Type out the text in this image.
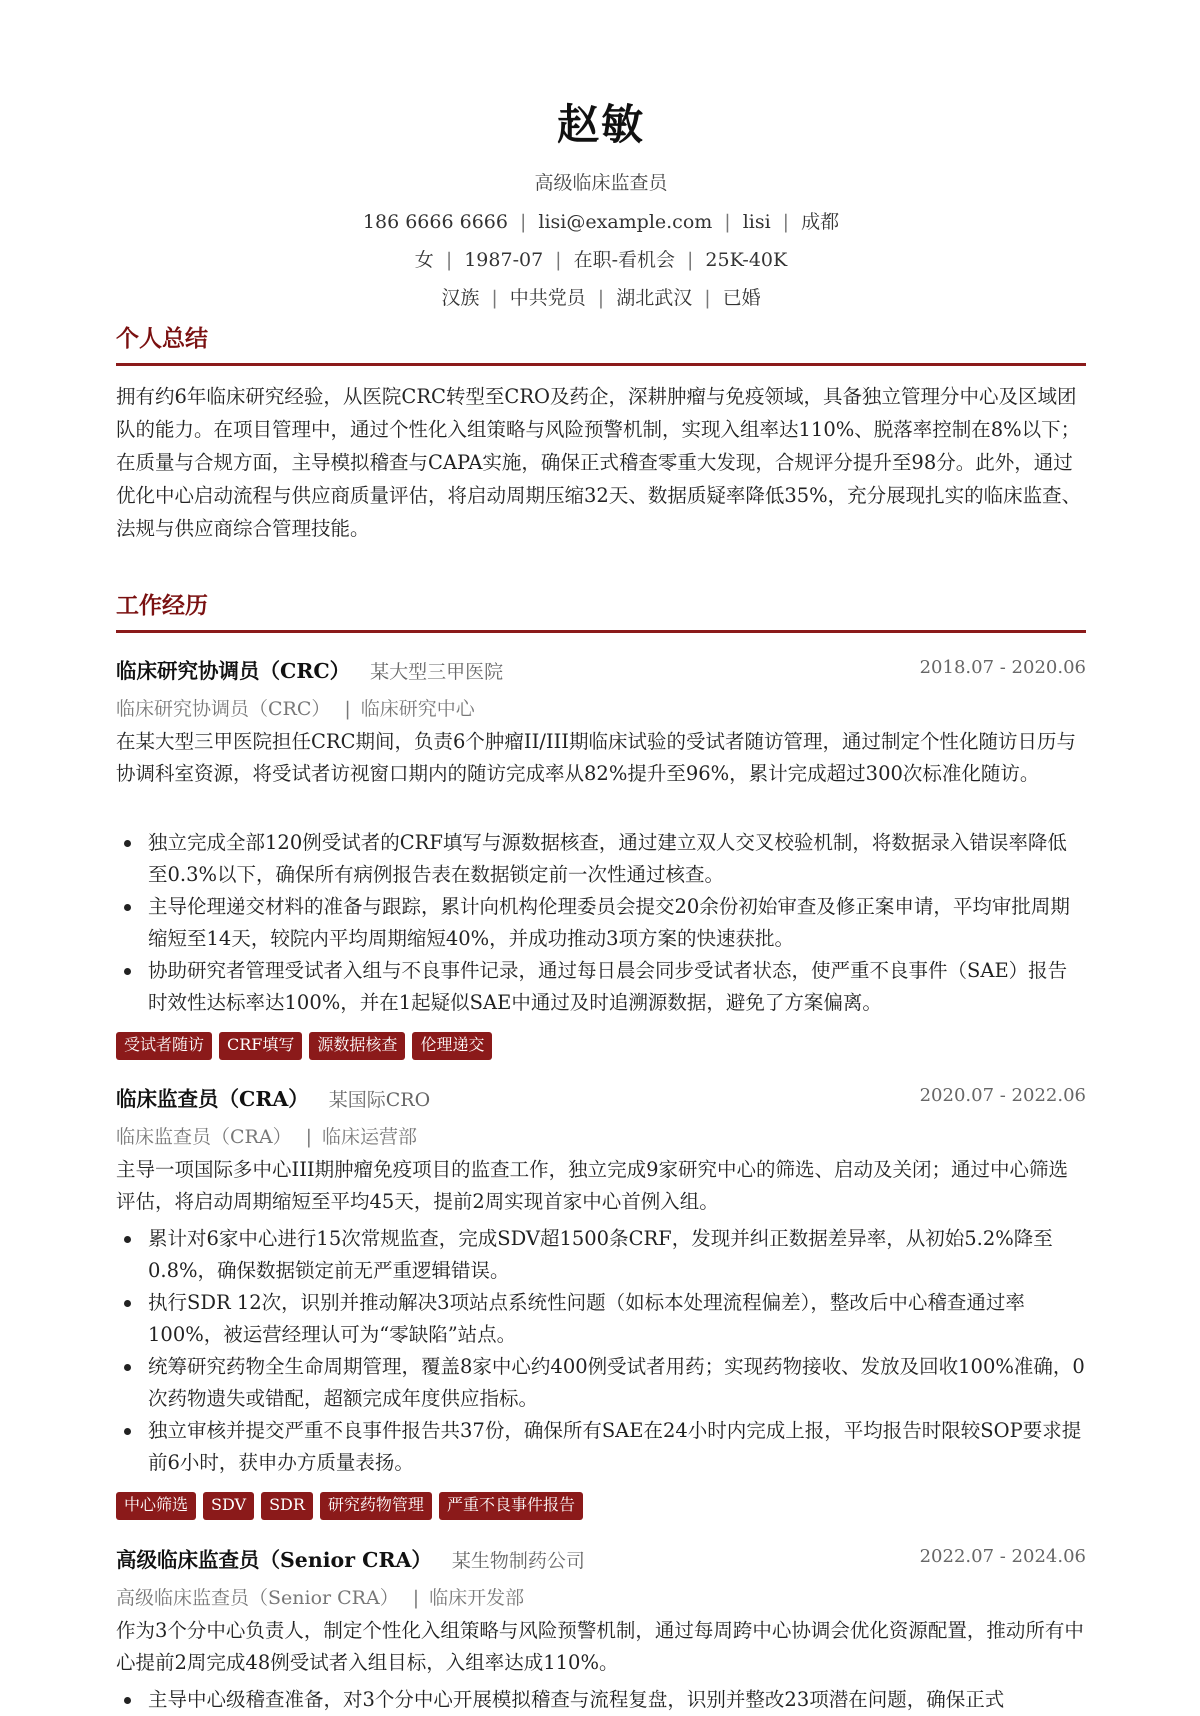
赵敏
高级临床监查员
186 6666 6666 | lisi@example.com | lisi | 成都
女 | 1987-07 | 在职-看机会 | 25K-40K
汉族 | 中共党员 | 湖北武汉 | 已婚
个人总结

拥有约6年临床研究经验，从医院CRC转型至CRO及药企，深耕肿瘤与免疫领域，具备独立管理分中心及区域团队的能力。在项目管理中，通过个性化入组策略与风险预警机制，实现入组率达110%、脱落率控制在8%以下；在质量与合规方面，主导模拟稽查与CAPA实施，确保正式稽查零重大发现，合规评分提升至98分。此外，通过优化中心启动流程与供应商质量评估，将启动周期压缩32天、数据质疑率降低35%，充分展现扎实的临床监查、法规与供应商综合管理技能。

工作经历
临床研究协调员（CRC） 某大型三甲医院	2018.07 - 2020.06
临床研究协调员（CRC） | 临床研究中心

在某大型三甲医院担任CRC期间，负责6个肿瘤II/III期临床试验的受试者随访管理，通过制定个性化随访日历与协调科室资源，将受试者访视窗口期内的随访完成率从82%提升至96%，累计完成超过300次标准化随访。

独立完成全部120例受试者的CRF填写与源数据核查，通过建立双人交叉校验机制，将数据录入错误率降低至0.3%以下，确保所有病例报告表在数据锁定前一次性通过核查。
主导伦理递交材料的准备与跟踪，累计向机构伦理委员会提交20余份初始审查及修正案申请，平均审批周期缩短至14天，较院内平均周期缩短40%，并成功推动3项方案的快速获批。
协助研究者管理受试者入组与不良事件记录，通过每日晨会同步受试者状态，使严重不良事件（SAE）报告时效性达标率达100%，并在1起疑似SAE中通过及时追溯源数据，避免了方案偏离。
受试者随访	CRF填写	源数据核查	伦理递交
临床监查员（CRA） 某国际CRO	2020.07 - 2022.06
临床监查员（CRA） | 临床运营部

主导一项国际多中心III期肿瘤免疫项目的监查工作，独立完成9家研究中心的筛选、启动及关闭；通过中心筛选评估，将启动周期缩短至平均45天，提前2周实现首家中心首例入组。

累计对6家中心进行15次常规监查，完成SDV超1500条CRF，发现并纠正数据差异率，从初始5.2%降至0.8%，确保数据锁定前无严重逻辑错误。
执行SDR 12次，识别并推动解决3项站点系统性问题（如标本处理流程偏差），整改后中心稽查通过率100%，被运营经理认可为“零缺陷”站点。
统筹研究药物全生命周期管理，覆盖8家中心约400例受试者用药；实现药物接收、发放及回收100%准确，0次药物遗失或错配，超额完成年度供应指标。
独立审核并提交严重不良事件报告共37份，确保所有SAE在24小时内完成上报，平均报告时限较SOP要求提前6小时，获申办方质量表扬。
中心筛选	SDV	SDR	研究药物管理	严重不良事件报告
高级临床监查员（Senior CRA） 某生物制药公司	2022.07 - 2024.06
高级临床监查员（Senior CRA） | 临床开发部

作为3个分中心负责人，制定个性化入组策略与风险预警机制，通过每周跨中心协调会优化资源配置，推动所有中心提前2周完成48例受试者入组目标，入组率达成110%。

主导中心级稽查准备，对3个分中心开展模拟稽查与流程复盘，识别并整改23项潜在问题，确保正式
